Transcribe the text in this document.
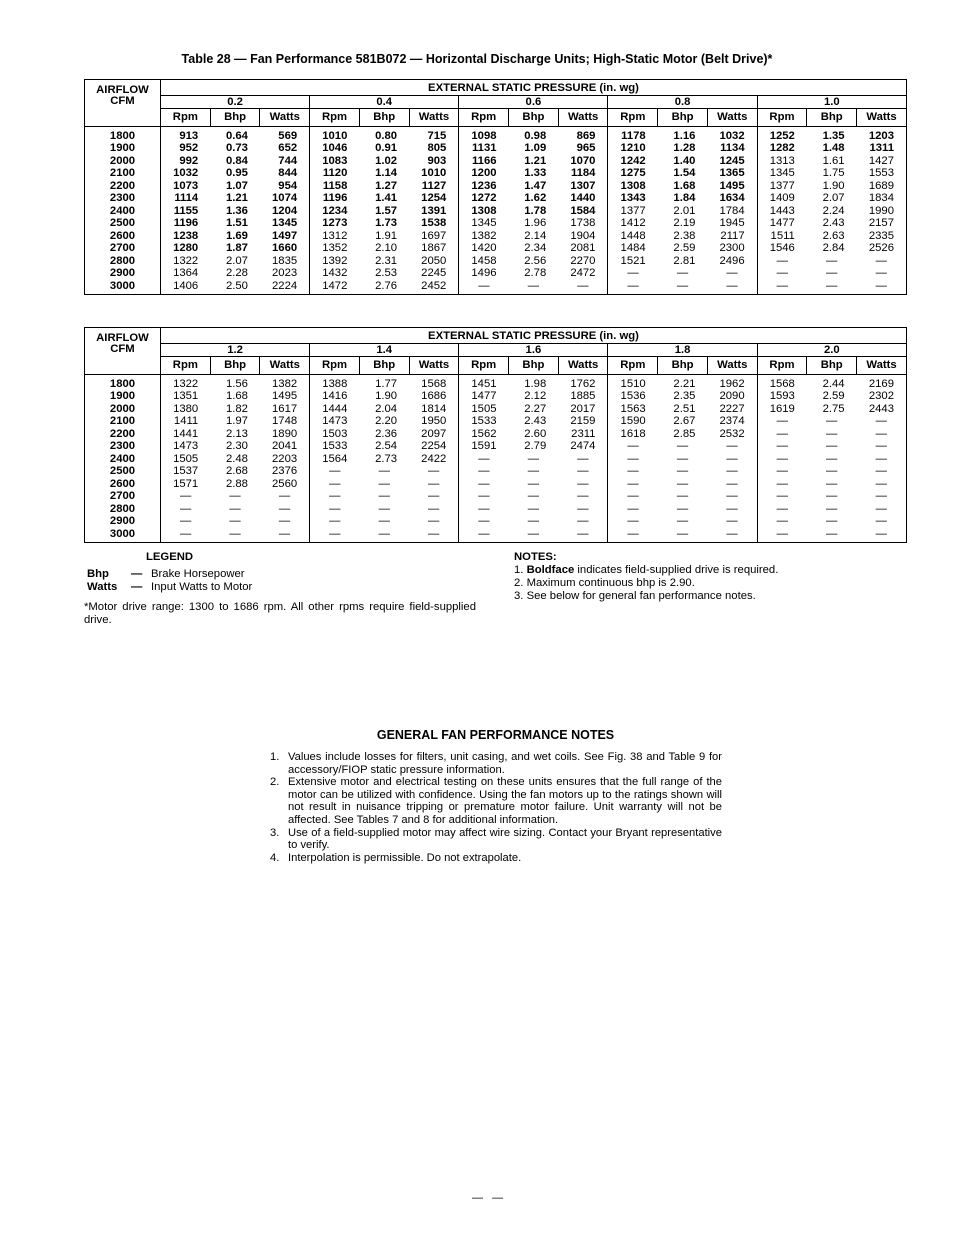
Table 28 — Fan Performance 581B072 — Horizontal Discharge Units; High-Static Motor (Belt Drive)*
AIRFLOW
CFM	EXTERNAL STATIC PRESSURE (in. wg)														
	0.2			0.4			0.6			0.8			1.0		
	Rpm	Bhp	Watts	Rpm	Bhp	Watts	Rpm	Bhp	Watts	Rpm	Bhp	Watts	Rpm	Bhp	Watts
1800	913	0.64	569	1010	0.80	715	1098	0.98	869	1178	1.16	1032	1252	1.35	1203
1900	952	0.73	652	1046	0.91	805	1131	1.09	965	1210	1.28	1134	1282	1.48	1311
2000	992	0.84	744	1083	1.02	903	1166	1.21	1070	1242	1.40	1245	1313	1.61	1427
2100	1032	0.95	844	1120	1.14	1010	1200	1.33	1184	1275	1.54	1365	1345	1.75	1553
2200	1073	1.07	954	1158	1.27	1127	1236	1.47	1307	1308	1.68	1495	1377	1.90	1689
2300	1114	1.21	1074	1196	1.41	1254	1272	1.62	1440	1343	1.84	1634	1409	2.07	1834
2400	1155	1.36	1204	1234	1.57	1391	1308	1.78	1584	1377	2.01	1784	1443	2.24	1990
2500	1196	1.51	1345	1273	1.73	1538	1345	1.96	1738	1412	2.19	1945	1477	2.43	2157
2600	1238	1.69	1497	1312	1.91	1697	1382	2.14	1904	1448	2.38	2117	1511	2.63	2335
2700	1280	1.87	1660	1352	2.10	1867	1420	2.34	2081	1484	2.59	2300	1546	2.84	2526
2800	1322	2.07	1835	1392	2.31	2050	1458	2.56	2270	1521	2.81	2496	—	—	—
2900	1364	2.28	2023	1432	2.53	2245	1496	2.78	2472	—	—	—	—	—	—
3000	1406	2.50	2224	1472	2.76	2452	—	—	—	—	—	—	—	—	—
AIRFLOW
CFM	EXTERNAL STATIC PRESSURE (in. wg)														
	1.2			1.4			1.6			1.8			2.0		
	Rpm	Bhp	Watts	Rpm	Bhp	Watts	Rpm	Bhp	Watts	Rpm	Bhp	Watts	Rpm	Bhp	Watts
1800	1322	1.56	1382	1388	1.77	1568	1451	1.98	1762	1510	2.21	1962	1568	2.44	2169
1900	1351	1.68	1495	1416	1.90	1686	1477	2.12	1885	1536	2.35	2090	1593	2.59	2302
2000	1380	1.82	1617	1444	2.04	1814	1505	2.27	2017	1563	2.51	2227	1619	2.75	2443
2100	1411	1.97	1748	1473	2.20	1950	1533	2.43	2159	1590	2.67	2374	—	—	—
2200	1441	2.13	1890	1503	2.36	2097	1562	2.60	2311	1618	2.85	2532	—	—	—
2300	1473	2.30	2041	1533	2.54	2254	1591	2.79	2474	—	—	—	—	—	—
2400	1505	2.48	2203	1564	2.73	2422	—	—	—	—	—	—	—	—	—
2500	1537	2.68	2376	—	—	—	—	—	—	—	—	—	—	—	—
2600	1571	2.88	2560	—	—	—	—	—	—	—	—	—	—	—	—
2700	—	—	—	—	—	—	—	—	—	—	—	—	—	—	—
2800	—	—	—	—	—	—	—	—	—	—	—	—	—	—	—
2900	—	—	—	—	—	—	—	—	—	—	—	—	—	—	—
3000	—	—	—	—	—	—	—	—	—	—	—	—	—	—	—
LEGEND
Bhp	— Brake Horsepower
Watts	— Input Watts to Motor
*Motor drive range: 1300 to 1686 rpm. All other rpms require field-supplied drive.
NOTES:
1. Boldface indicates field-supplied drive is required.
2. Maximum continuous bhp is 2.90.
3. See below for general fan performance notes.
GENERAL FAN PERFORMANCE NOTES
1. Values include losses for filters, unit casing, and wet coils. See Fig. 38 and Table 9 for accessory/FIOP static pressure information.
2. Extensive motor and electrical testing on these units ensures that the full range of the motor can be utilized with confidence. Using the fan motors up to the ratings shown will not result in nuisance tripping or premature motor failure. Unit warranty will not be affected. See Tables 7 and 8 for additional information.
3. Use of a field-supplied motor may affect wire sizing. Contact your Bryant representative to verify.
4. Interpolation is permissible. Do not extrapolate.
—   —
